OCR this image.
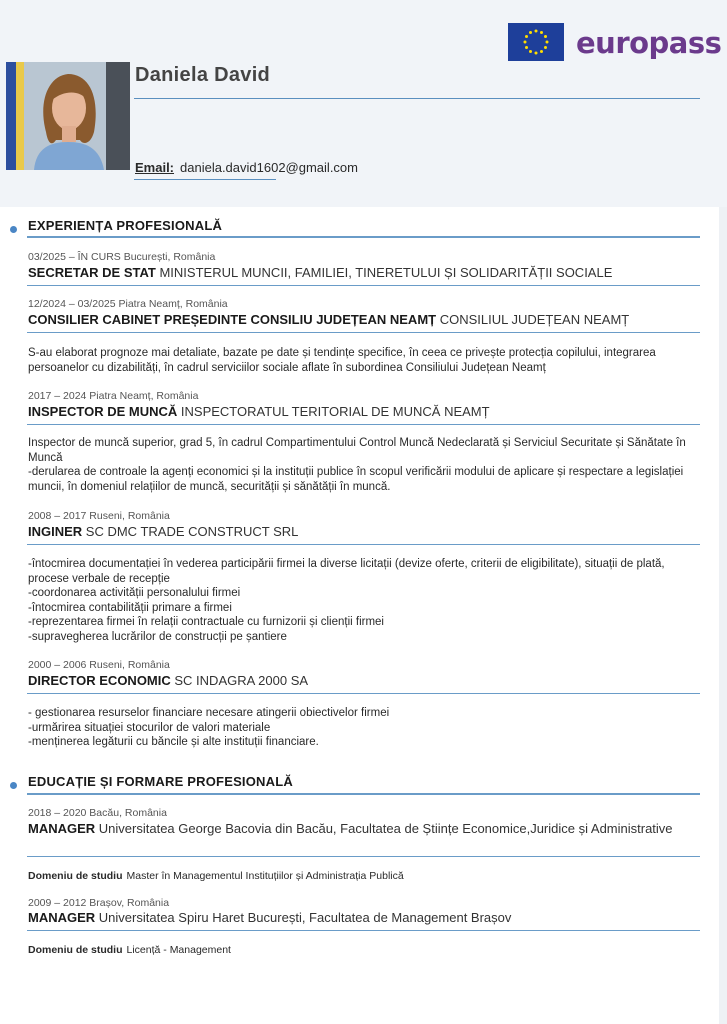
europass
Daniela David
Email: daniela.david1602@gmail.com
EXPERIENȚA PROFESIONALĂ
03/2025 – ÎN CURS București, România
SECRETAR DE STAT MINISTERUL MUNCII, FAMILIEI, TINERETULUI ȘI SOLIDARITĂȚII SOCIALE
12/2024 – 03/2025 Piatra Neamț, România
CONSILIER CABINET PREȘEDINTE CONSILIU JUDEȚEAN NEAMȚ CONSILIUL JUDEȚEAN NEAMȚ
S-au elaborat prognoze mai detaliate, bazate pe date și tendințe specifice, în ceea ce privește protecția copilului, integrarea persoanelor cu dizabilități, în cadrul serviciilor sociale aflate în subordinea Consiliului Județean Neamț
2017 – 2024 Piatra Neamț, România
INSPECTOR DE MUNCĂ INSPECTORATUL TERITORIAL DE MUNCĂ NEAMȚ
Inspector de muncă superior, grad 5, în cadrul Compartimentului Control Muncă Nedeclarată și Serviciul Securitate și Sănătate în Muncă
-derularea de controale la agenți economici și la instituții publice în scopul verificării modului de aplicare și respectare a legislației muncii, în domeniul relațiilor de muncă, securității și sănătății în muncă.
2008 – 2017 Ruseni, România
INGINER SC DMC TRADE CONSTRUCT SRL
-întocmirea documentației în vederea participării firmei la diverse licitații (devize oferte, criterii de eligibilitate), situații de plată, procese verbale de recepție
-coordonarea activității personalului firmei
-întocmirea contabilității primare a firmei
-reprezentarea firmei în relații contractuale cu furnizorii și clienții firmei
-supravegherea lucrărilor de construcții pe șantiere
2000 – 2006 Ruseni, România
DIRECTOR ECONOMIC SC INDAGRA 2000 SA
- gestionarea resurselor financiare necesare atingerii obiectivelor firmei
-urmărirea situației stocurilor de valori materiale
-menținerea legăturii cu băncile și alte instituții financiare.
EDUCAȚIE ȘI FORMARE PROFESIONALĂ
2018 – 2020 Bacău, România
MANAGER Universitatea George Bacovia din Bacău, Facultatea de Științe Economice,Juridice și Administrative
Domeniu de studiu Master în Managementul Instituțiilor și Administrația Publică
2009 – 2012 Brașov, România
MANAGER Universitatea Spiru Haret București, Facultatea de Management Brașov
Domeniu de studiu Licență - Management
